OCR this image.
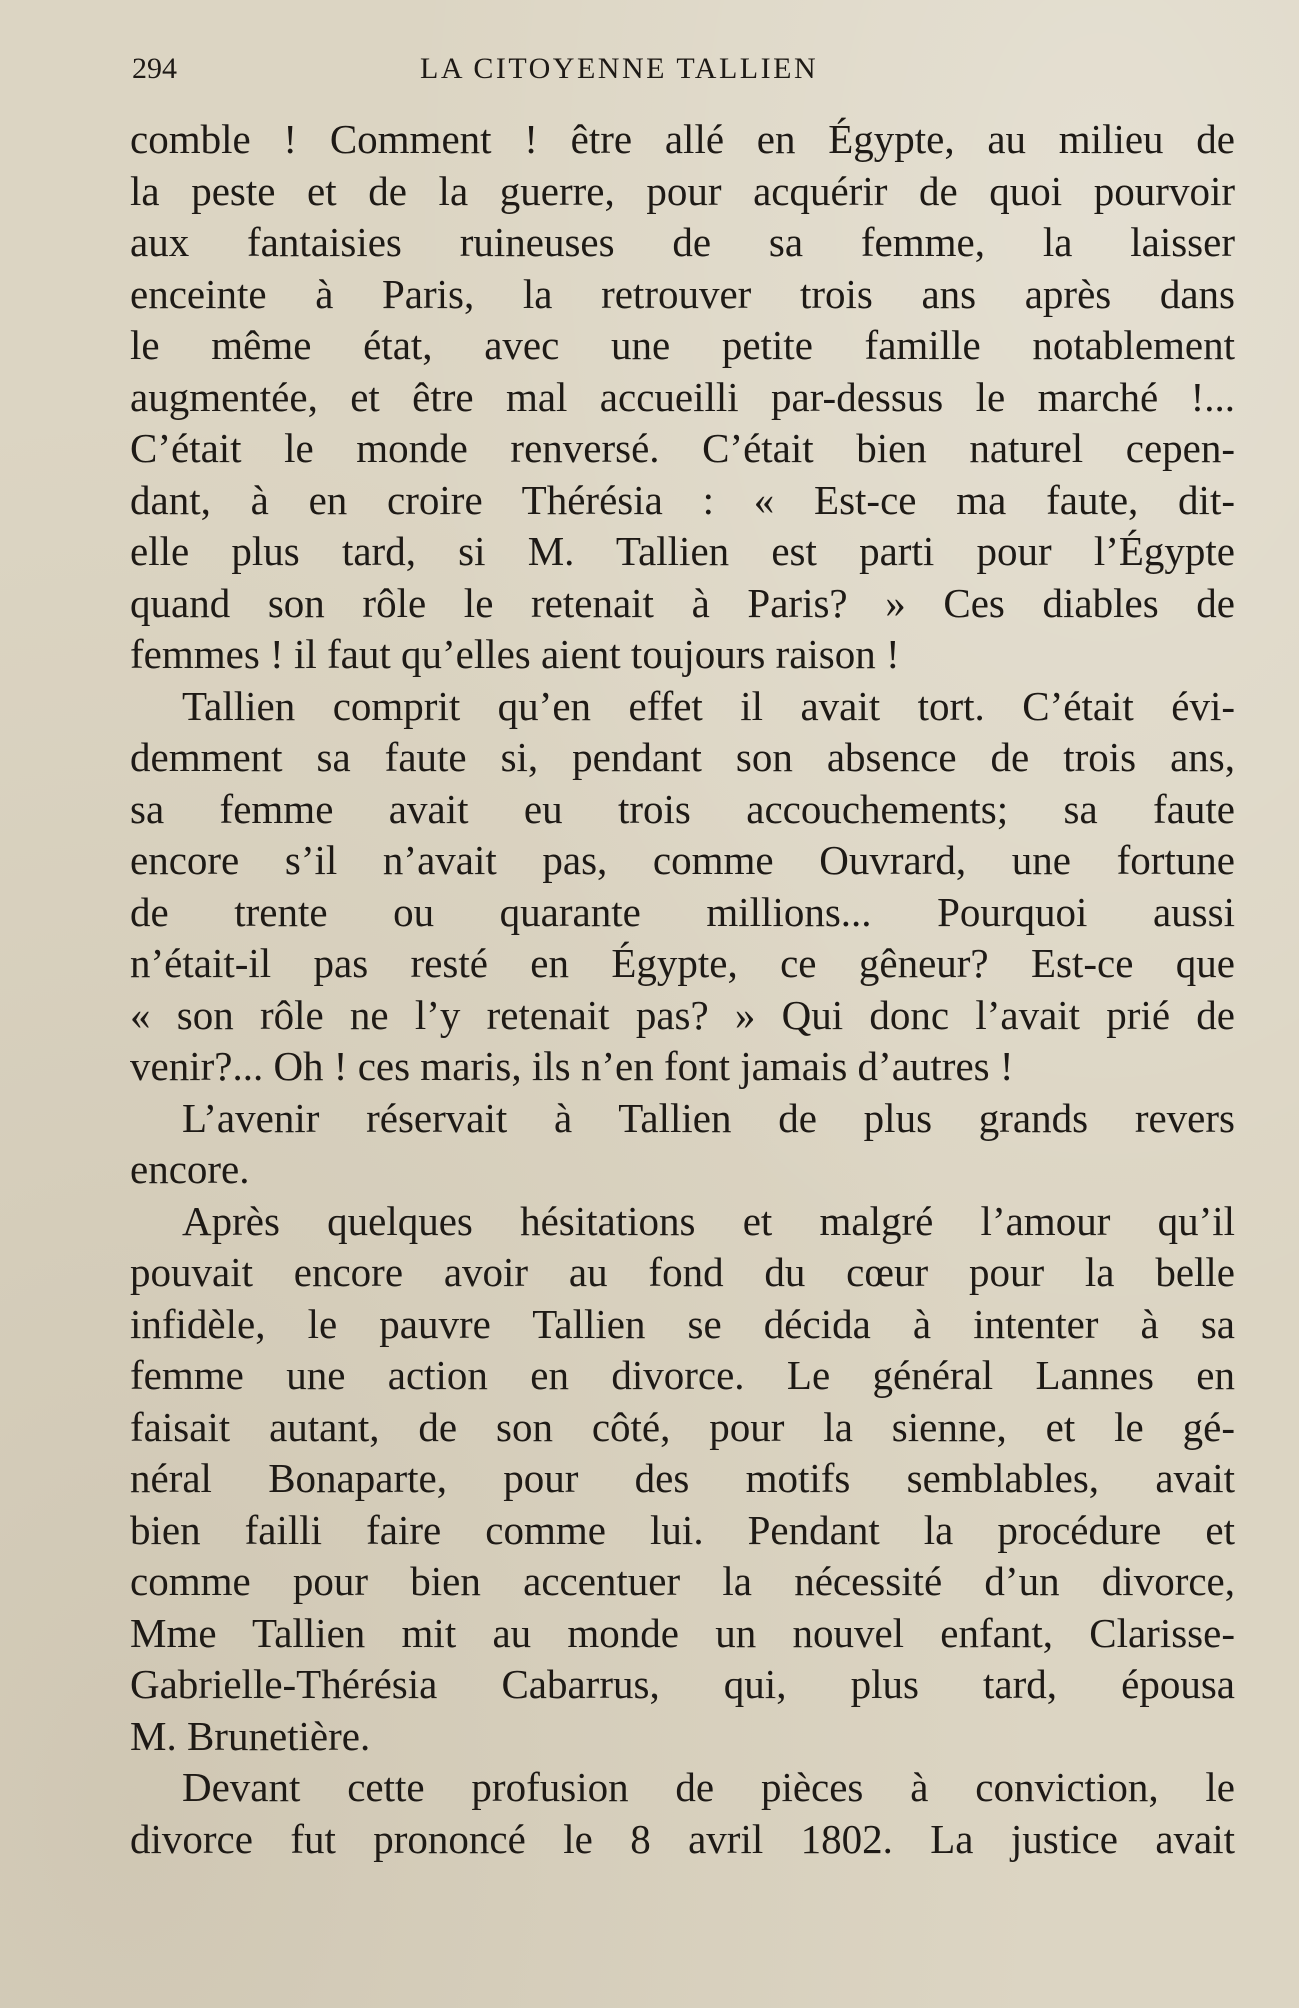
294	LA CITOYENNE TALLIEN
comble ! Comment ! être allé en Égypte, au milieu de
la peste et de la guerre, pour acquérir de quoi pourvoir
aux fantaisies ruineuses de sa femme, la laisser
enceinte à Paris, la retrouver trois ans après dans
le même état, avec une petite famille notablement
augmentée, et être mal accueilli par-dessus le marché !...
C’était le monde renversé. C’était bien naturel cepen-
dant, à en croire Thérésia : « Est-ce ma faute, dit-
elle plus tard, si M. Tallien est parti pour l’Égypte
quand son rôle le retenait à Paris? » Ces diables de
femmes ! il faut qu’elles aient toujours raison !
Tallien comprit qu’en effet il avait tort. C’était évi-
demment sa faute si, pendant son absence de trois ans,
sa femme avait eu trois accouchements; sa faute
encore s’il n’avait pas, comme Ouvrard, une fortune
de trente ou quarante millions... Pourquoi aussi
n’était-il pas resté en Égypte, ce gêneur? Est-ce que
« son rôle ne l’y retenait pas? » Qui donc l’avait prié de
venir?... Oh ! ces maris, ils n’en font jamais d’autres !
L’avenir réservait à Tallien de plus grands revers
encore.
Après quelques hésitations et malgré l’amour qu’il
pouvait encore avoir au fond du cœur pour la belle
infidèle, le pauvre Tallien se décida à intenter à sa
femme une action en divorce. Le général Lannes en
faisait autant, de son côté, pour la sienne, et le gé-
néral Bonaparte, pour des motifs semblables, avait
bien failli faire comme lui. Pendant la procédure et
comme pour bien accentuer la nécessité d’un divorce,
Mme Tallien mit au monde un nouvel enfant, Clarisse-
Gabrielle-Thérésia Cabarrus, qui, plus tard, épousa
M. Brunetière.
Devant cette profusion de pièces à conviction, le
divorce fut prononcé le 8 avril 1802. La justice avait
